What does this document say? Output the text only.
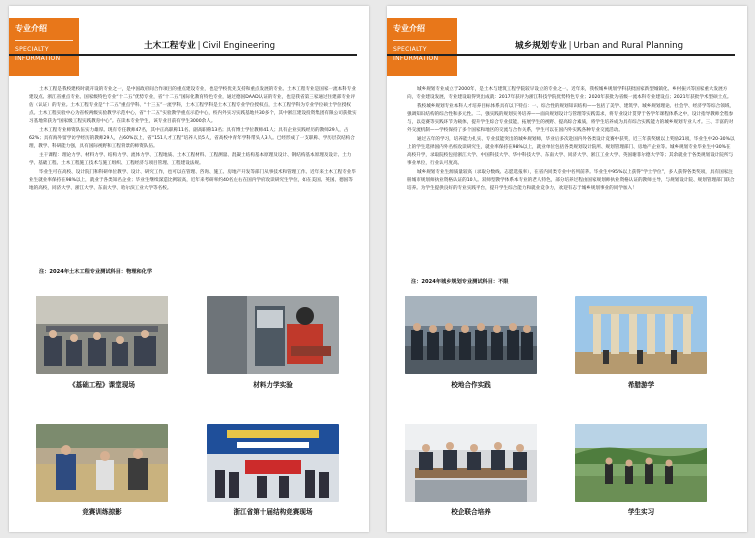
专业介绍
SPECIALTY
INFORMATION
土木工程专业 | Civil Engineering

土木工程是我校建校时就开设的专业之一，是中国政府间合作项目的重点建设专业，也是学校优先支持和重点发展的专业。土木工程专业是国家一流本科专业建设点、浙江省重点专业、国家级特色专业“十二五”优势专业，省“十二五”国际化教育特色专业，通过德国DAAD认证的专业，也是我省第三家通过住建部专业评估（认证）的专业。土木工程专业是“十二五”重点学科、“十三五”一流学科，土木工程学科是土木工程专业学位授权点，土木工程学科为专业学位硕士学位授权点。土木工程实验中心为省校两级实验教学示范中心，省“十二五”实验教学重点示范中心，校内外实习实践基地共30多个，其中浙江建设投资集团有限公司获批实习基地荣获为“国家级工程实践教育中心”。在读本专业学生，该专业目前有学生3000余人。

土木工程专业师资队伍实力雄厚。现有专任教师47名，其中正高职称11名、副高职称13名；具有博士学位教师41人；具有企业实践经历的教师29人，占62%；具有海外留学访学经历的教师29人，占60%以上，省“151人才工程”培养人员5人，省高校中青年学科带头人3人。已经形成了一支职称、学历层次结构合理，教学、科研能力强，具有国际视野和工程背景的师资队伍。

主干课程：理论力学、材料力学、结构力学、流体力学、工程地质、土木工程材料、工程测量、混凝土结构基本原理及设计、钢结构基本原理及设计、土力学、基础工程、土木工程施工技术与施工组织、工程经济与项目管理、工程建设法规。

毕业生可在高校、设计院门和科研单位教学、设计、研究工作，也可以在管理、咨询、施工、房地产开发等部门从事技术和管理工作。近年来土木工程专业毕业生就业率保持在98%以上，就业于各类知名企业；毕业生继续深造比例较高，近年来考研率约40名左右在国内学府攻读研究生学位，如在美国、英国、德国等地的高校，同济大学、浙江大学、东南大学、哈尔滨工业大学等名校。

注：2024年土木工程专业测试科目：物理和化学
《基础工程》课堂现场	材料力学实验
竞赛训练掠影	浙江省第十届结构竞赛现场
专业介绍
SPECIALTY
INFORMATION
城乡规划专业 | Urban and Rural Planning

城乡规划专业成立于2000年，是土木与建筑工程学院较早设立的专业之一。近年来，我校城乡规划学科获批国家新型城镇化、乡村振兴等国家重大发展方向，专业建设发展，专业建设取得突出成就：2017年获评为浙江科技学院优势特色专业；2020年获批为省级一流本科专业建设点；2021年获批学术型硕士点。

我校城乡规划专业本科人才培养目标体系具有以下特点：一、综合性的规划知识结构——包括了美学、建筑学、城乡规划理论、社会学、经济学等综合领域，强调知识结构的综合性和多元性。二、强实践的规划实务培养——面向规划设计与管理等实践需求，将专业设计贯穿于各学年课程体系之中，设计指导教师全程参与，以竞赛等实践环节为载体，提升学生综合专业技能，拓展学生的视野、提高综合素质，将学生培养成为具有综合实践能力的城乡规划专业人才。三、丰富的对外交流机制——学校保持了多个国家和地区的交流与合作关系，学生可以在国内外实践各种专业交流活动。

通过五年的学习，培养能力扎实、专业技能突出的城乡规划师，毕业后多次赴国内外各类设计竞赛中获奖，近三年获奖级以上奖励21项，毕业生中20-30%以上的学生选择国内外名校攻读研究生，就业率保持在98%以上，就业单位包括各类规划设计院所、规划管理部门、房地产企业等。城乡规划专业毕业生中30%在高校升学，录取院校包括浙江大学、中国科技大学、华中科技大学、东南大学、同济大学、浙江工业大学、英国谢菲尔德大学等；其余就业于各类规划设计院所与事业单位，行业认可度高。

城乡规划专业生源质量较高（录取分数线、志愿选报率），在省内同类专业中名列前茅。毕业生中95%以上获得“学士学位”，多人获得各类奖项，具有国家注册城市规划师执业资格认证的10人。双师型教学体系本专业的老人特色，部分培养过程由国家规划师执业资格认证的教师主导，与规划设计院、规划管理部门联合培养。为学生提供良好的专业实践平台，提升学生综合能力和就业竞争力，欢迎有志于城乡规划事业的同学加入！

注：2024年城乡规划专业测试科目：不限
校地合作实践	希腊游学
校企联合培养	学生实习
